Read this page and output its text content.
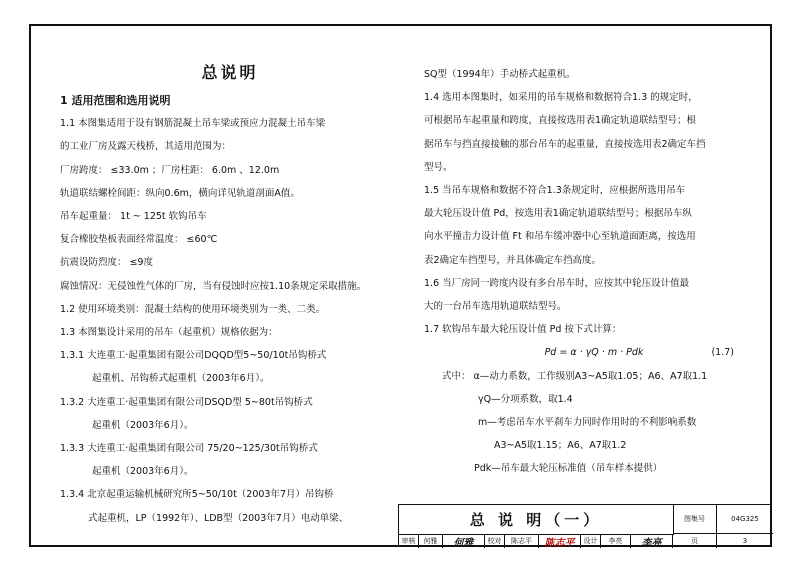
总说明

1 适用范围和选用说明

1.1 本图集适用于设有钢筋混凝土吊车梁或预应力混凝土吊车梁

的工业厂房及露天栈桥，其适用范围为：

厂房跨度： ≤33.0m ；厂房柱距： 6.0m 、12.0m

轨道联结螺栓间距：纵向0.6m，横向详见轨道剖面A值。

吊车起重量： 1t ~ 125t 软钩吊车

复合橡胶垫板表面经常温度： ≤60℃

抗震设防烈度： ≤9度

腐蚀情况：无侵蚀性气体的厂房，当有侵蚀时应按1.10条规定采取措施。

1.2 使用环境类别：混凝土结构的使用环境类别为一类、二类。

1.3 本图集设计采用的吊车（起重机）规格依据为：

1.3.1 大连重工·起重集团有限公司DQQD型5~50/10t吊钩桥式

起重机、吊钩桥式起重机（2003年6月）。

1.3.2 大连重工·起重集团有限公司DSQD型 5~80t吊钩桥式

起重机（2003年6月）。

1.3.3 大连重工·起重集团有限公司 75/20~125/30t吊钩桥式

起重机（2003年6月）。

1.3.4 北京起重运输机械研究所5~50/10t（2003年7月）吊钩桥

式起重机，LP（1992年）、LDB型（2003年7月）电动单梁、

SQ型（1994年）手动桥式起重机。

1.4 选用本图集时，如采用的吊车规格和数据符合1.3 的规定时，

可根据吊车起重量和跨度，直接按选用表1确定轨道联结型号；根

据吊车与挡直接接触的那台吊车的起重量，直接按选用表2确定车挡

型号。

1.5 当吊车规格和数据不符合1.3条规定时，应根据所选用吊车

最大轮压设计值 Pd，按选用表1确定轨道联结型号；根据吊车纵

向水平撞击力设计值 Ft 和吊车缓冲器中心至轨道面距离，按选用

表2确定车挡型号，并具体确定车挡高度。

1.6 当厂房同一跨度内设有多台吊车时，应按其中轮压设计值最

大的一台吊车选用轨道联结型号。

1.7 软钩吊车最大轮压设计值 Pd 按下式计算：

Pd = α · γQ · m · Pdk	(1.7)

式中： α—动力系数，工作级别A3~A5取1.05；A6、A7取1.1

γQ—分项系数，取1.4

m—考虑吊车水平刹车力同时作用时的不利影响系数

A3~A5取1.15；A6、A7取1.2

Pdk—吊车最大轮压标准值（吊车样本提供）

总 说 明（一）	图集号	04G325
审核	何雅	何雅	校对	陈志平	陈志平	设计	李亮	李亮	页	3
